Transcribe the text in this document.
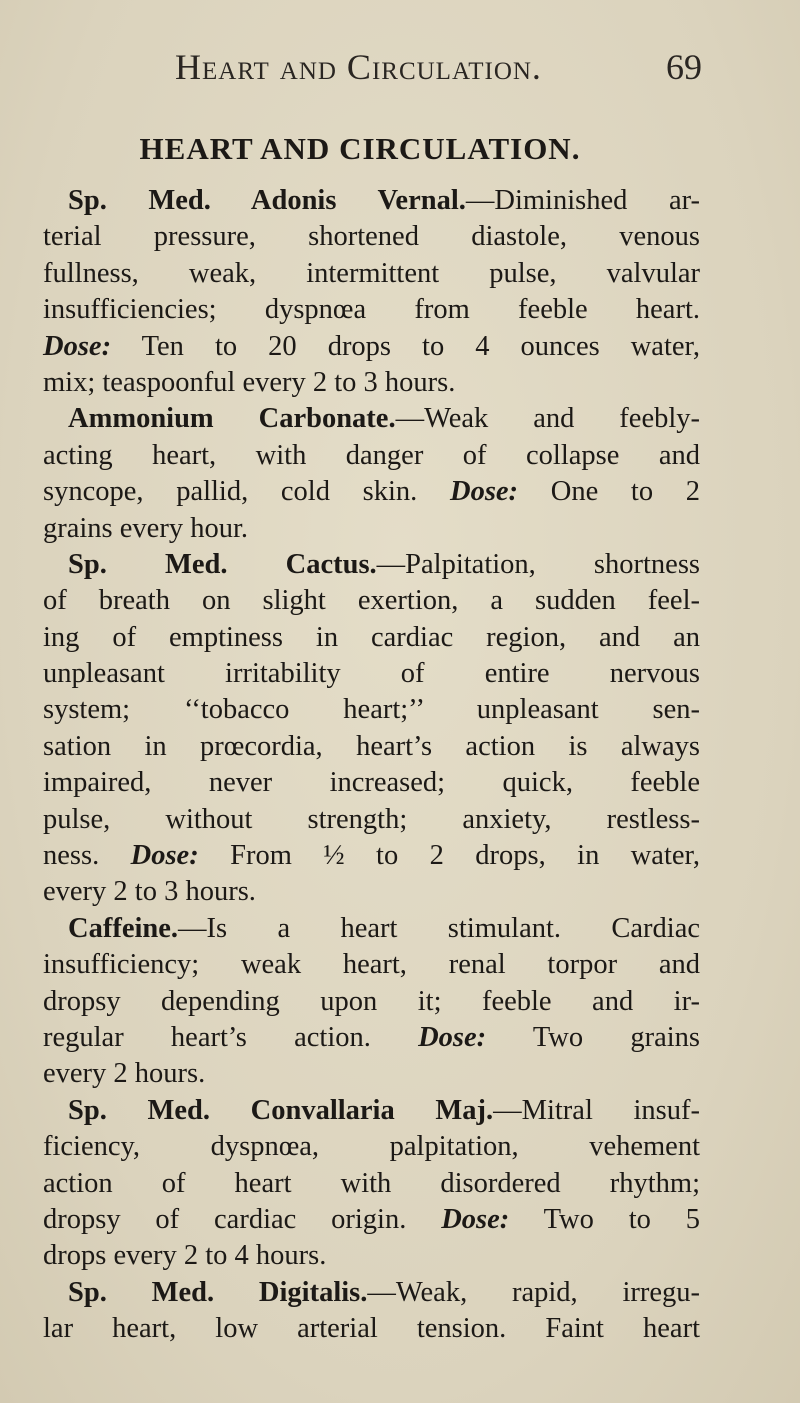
Heart and Circulation.	69
HEART AND CIRCULATION.
Sp. Med. Adonis Vernal.—Diminished ar-
terial pressure, shortened diastole, venous
fullness, weak, intermittent pulse, valvular
insufficiencies; dyspnœa from feeble heart.
Dose: Ten to 20 drops to 4 ounces water,
mix; teaspoonful every 2 to 3 hours.
Ammonium Carbonate.—Weak and feebly-
acting heart, with danger of collapse and
syncope, pallid, cold skin. Dose: One to 2
grains every hour.
Sp. Med. Cactus.—Palpitation, shortness
of breath on slight exertion, a sudden feel-
ing of emptiness in cardiac region, and an
unpleasant irritability of entire nervous
system; ‘‘tobacco heart;’’ unpleasant sen-
sation in prœcordia, heart’s action is always
impaired, never increased; quick, feeble
pulse, without strength; anxiety, restless-
ness. Dose: From ½ to 2 drops, in water,
every 2 to 3 hours.
Caffeine.—Is a heart stimulant. Cardiac
insufficiency; weak heart, renal torpor and
dropsy depending upon it; feeble and ir-
regular heart’s action. Dose: Two grains
every 2 hours.
Sp. Med. Convallaria Maj.—Mitral insuf-
ficiency, dyspnœa, palpitation, vehement
action of heart with disordered rhythm;
dropsy of cardiac origin. Dose: Two to 5
drops every 2 to 4 hours.
Sp. Med. Digitalis.—Weak, rapid, irregu-
lar heart, low arterial tension. Faint heart
